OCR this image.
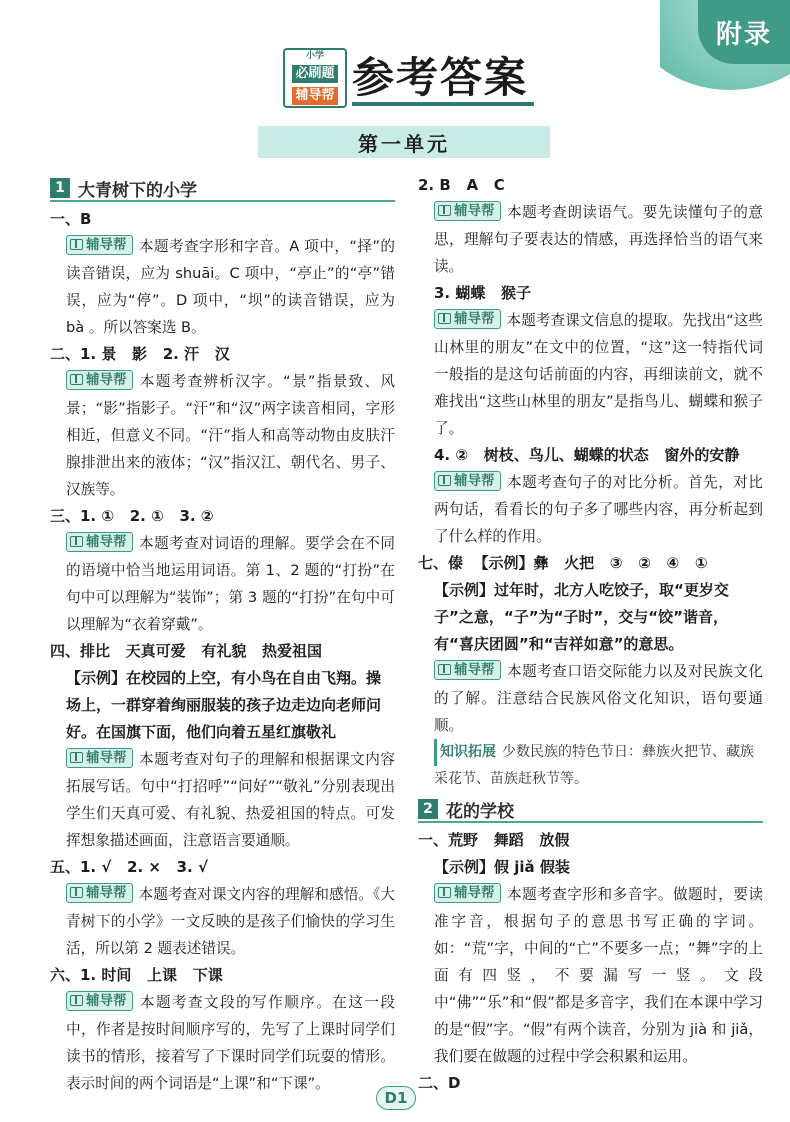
附录
小学
必刷题
辅导帮 参考答案
第一单元
1 大青树下的小学
一、B
辅导帮 本题考查字形和字音。A 项中，“择”的读音错误，应为 shuāi。C 项中，“亭止”的“亭”错误，应为“停”。D 项中，“坝”的读音错误，应为 bà 。所以答案选 B。
二、1. 景   影   2. 汗   汉
辅导帮 本题考查辨析汉字。“景”指景致、风景；“影”指影子。“汗”和“汉”两字读音相同，字形相近，但意义不同。“汗”指人和高等动物由皮肤汗腺排泄出来的液体；“汉”指汉江、朝代名、男子、汉族等。
三、1. ①   2. ①   3. ②
辅导帮 本题考查对词语的理解。要学会在不同的语境中恰当地运用词语。第 1、2 题的“打扮”在句中可以理解为“装饰”；第 3 题的“打扮”在句中可以理解为“衣着穿戴”。
四、排比   天真可爱   有礼貌   热爱祖国
【示例】在校园的上空，有小鸟在自由飞翔。操场上，一群穿着绚丽服装的孩子边走边向老师问好。在国旗下面，他们向着五星红旗敬礼
辅导帮 本题考查对句子的理解和根据课文内容拓展写话。句中“打招呼”“问好”“敬礼”分别表现出学生们天真可爱、有礼貌、热爱祖国的特点。可发挥想象描述画面，注意语言要通顺。
五、1. √   2. ×   3. √
辅导帮 本题考查对课文内容的理解和感悟。《大青树下的小学》一文反映的是孩子们愉快的学习生活，所以第 2 题表述错误。
六、1. 时间   上课   下课
辅导帮 本题考查文段的写作顺序。在这一段中，作者是按时间顺序写的，先写了上课时同学们读书的情形，接着写了下课时同学们玩耍的情形。表示时间的两个词语是“上课”和“下课”。
2. B   A   C
辅导帮 本题考查朗读语气。要先读懂句子的意思，理解句子要表达的情感，再选择恰当的语气来读。
3. 蝴蝶   猴子
辅导帮 本题考查课文信息的提取。先找出“这些山林里的朋友”在文中的位置，“这”这一特指代词一般指的是这句话前面的内容，再细读前文，就不难找出“这些山林里的朋友”是指鸟儿、蝴蝶和猴子了。
4. ②   树枝、鸟儿、蝴蝶的状态   窗外的安静
辅导帮 本题考查句子的对比分析。首先，对比两句话，看看长的句子多了哪些内容，再分析起到了什么样的作用。
七、傣  【示例】彝   火把   ③   ②   ④   ①
【示例】过年时，北方人吃饺子，取“更岁交子”之意，“子”为“子时”，交与“饺”谐音，有“喜庆团圆”和“吉祥如意”的意思。
辅导帮 本题考查口语交际能力以及对民族文化的了解。注意结合民族风俗文化知识，语句要通顺。
知识拓展 少数民族的特色节日：彝族火把节、藏族采花节、苗族赶秋节等。
2 花的学校
一、荒野   舞蹈   放假
【示例】假 jiǎ 假装
辅导帮 本题考查字形和多音字。做题时，要读准字音，根据句子的意思书写正确的字词。如：“荒”字，中间的“亡”不要多一点；“舞”字的上面有四竖，不要漏写一竖。文段中“佛”“乐”和“假”都是多音字，我们在本课中学习的是“假”字。“假”有两个读音，分别为 jià 和 jiǎ，我们要在做题的过程中学会积累和运用。
二、D
D1
